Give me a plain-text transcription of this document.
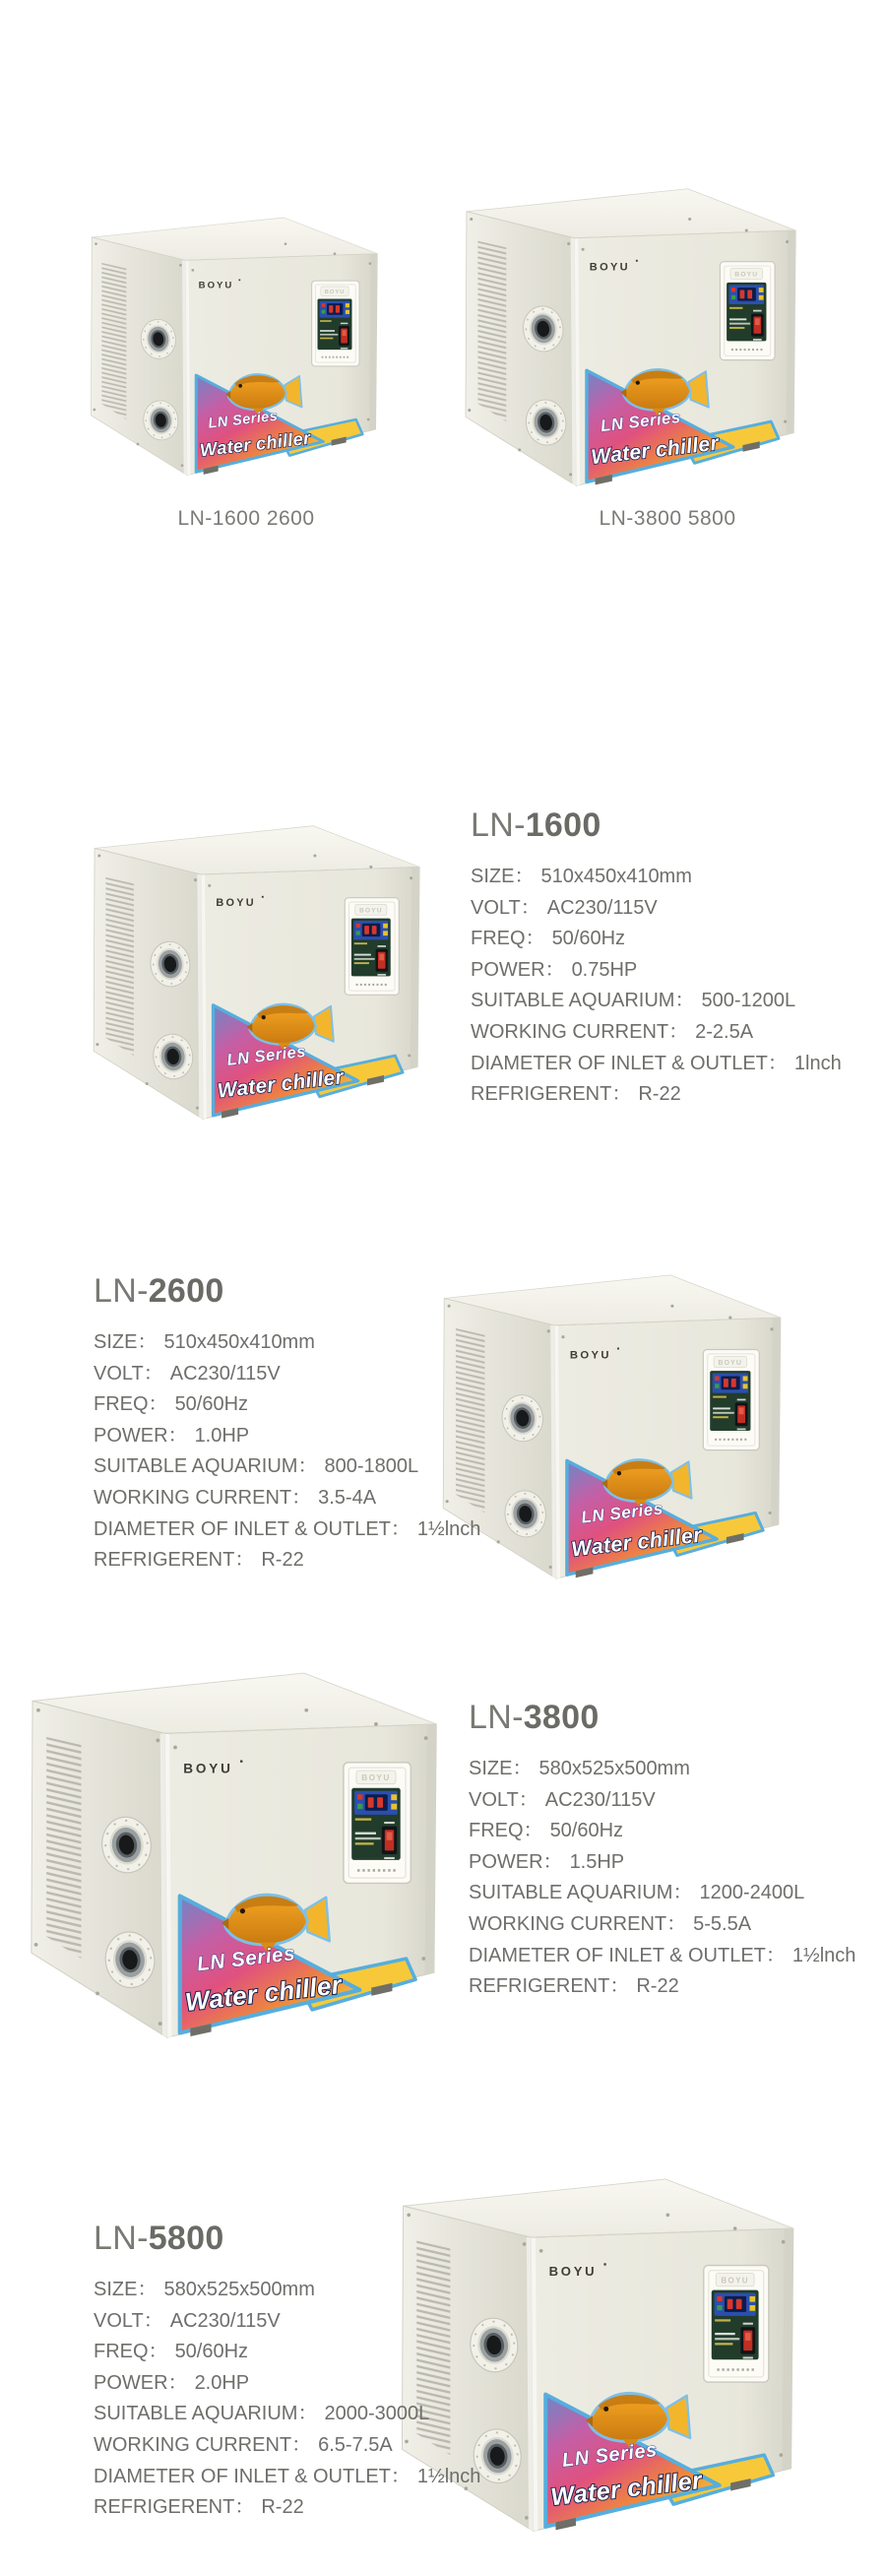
LN-1600 2600	LN-3800 5800
LN-1600
SIZE： 510x450x410mm
VOLT： AC230/115V
FREQ： 50/60Hz
POWER： 0.75HP
SUITABLE AQUARIUM： 500-1200L
WORKING CURRENT： 2-2.5A
DIAMETER OF INLET & OUTLET： 1lnch
REFRIGERENT： R-22
LN-2600
SIZE： 510x450x410mm
VOLT： AC230/115V
FREQ： 50/60Hz
POWER： 1.0HP
SUITABLE AQUARIUM： 800-1800L
WORKING CURRENT： 3.5-4A
DIAMETER OF INLET & OUTLET： 1½lnch
REFRIGERENT： R-22
LN-3800
SIZE： 580x525x500mm
VOLT： AC230/115V
FREQ： 50/60Hz
POWER： 1.5HP
SUITABLE AQUARIUM： 1200-2400L
WORKING CURRENT： 5-5.5A
DIAMETER OF INLET & OUTLET： 1½lnch
REFRIGERENT： R-22
LN-5800
SIZE： 580x525x500mm
VOLT： AC230/115V
FREQ： 50/60Hz
POWER： 2.0HP
SUITABLE AQUARIUM： 2000-3000L
WORKING CURRENT： 6.5-7.5A
DIAMETER OF INLET & OUTLET： 1½lnch
REFRIGERENT： R-22
